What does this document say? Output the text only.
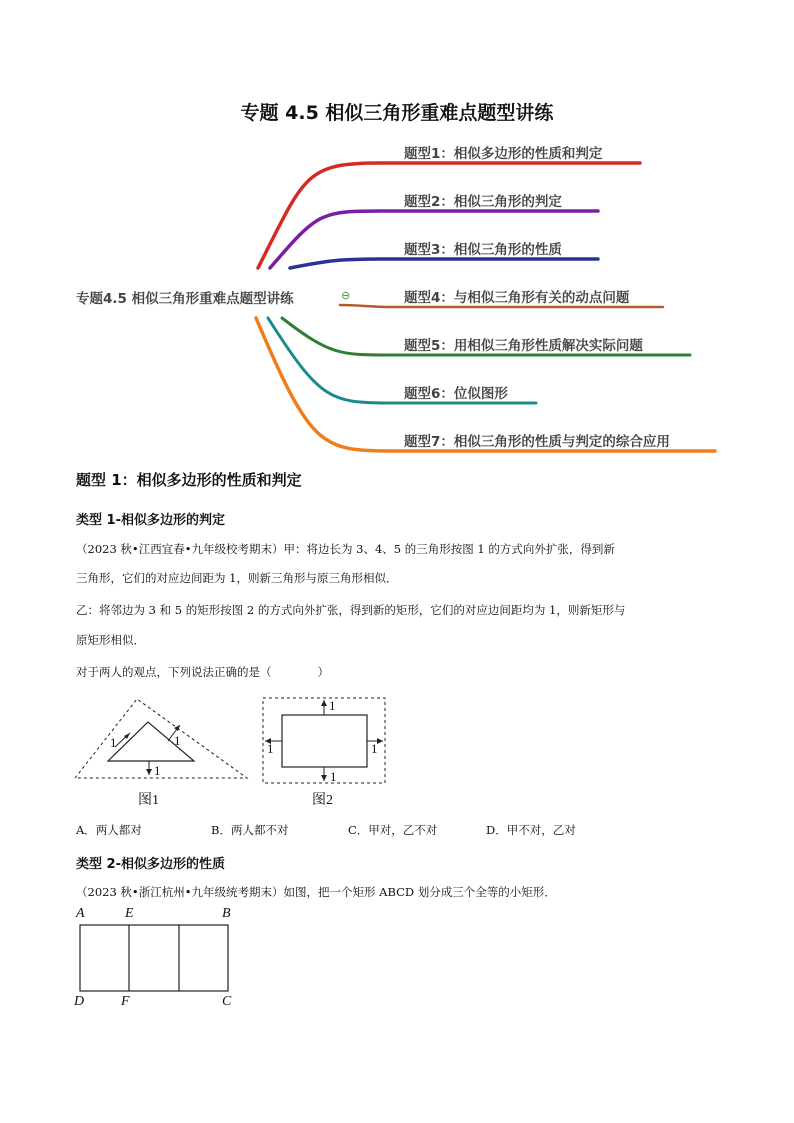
专题 4.5 相似三角形重难点题型讲练
⊖
专题4.5 相似三角形重难点题型讲练
题型1：相似多边形的性质和判定
题型2：相似三角形的判定
题型3：相似三角形的性质
题型4：与相似三角形有关的动点问题
题型5：用相似三角形性质解决实际问题
题型6：位似图形
题型7：相似三角形的性质与判定的综合应用
题型 1：相似多边形的性质和判定
类型 1-相似多边形的判定
（2023 秋•江西宜春•九年级校考期末）甲：将边长为 3、4、5 的三角形按图 1 的方式向外扩张，得到新
三角形，它们的对应边间距为 1，则新三角形与原三角形相似．
乙：将邻边为 3 和 5 的矩形按图 2 的方式向外扩张，得到新的矩形，它们的对应边间距均为 1，则新矩形与
原矩形相似．
对于两人的观点，下列说法正确的是（　　　　）
1	1
1
图1
1
1	1
1
图2
A．两人都对	B．两人都不对	C．甲对，乙不对	D．甲不对，乙对
类型 2-相似多边形的性质
（2023 秋•浙江杭州•九年级统考期末）如图，把一个矩形 ABCD 划分成三个全等的小矩形．
A	E	B
D	F	C
